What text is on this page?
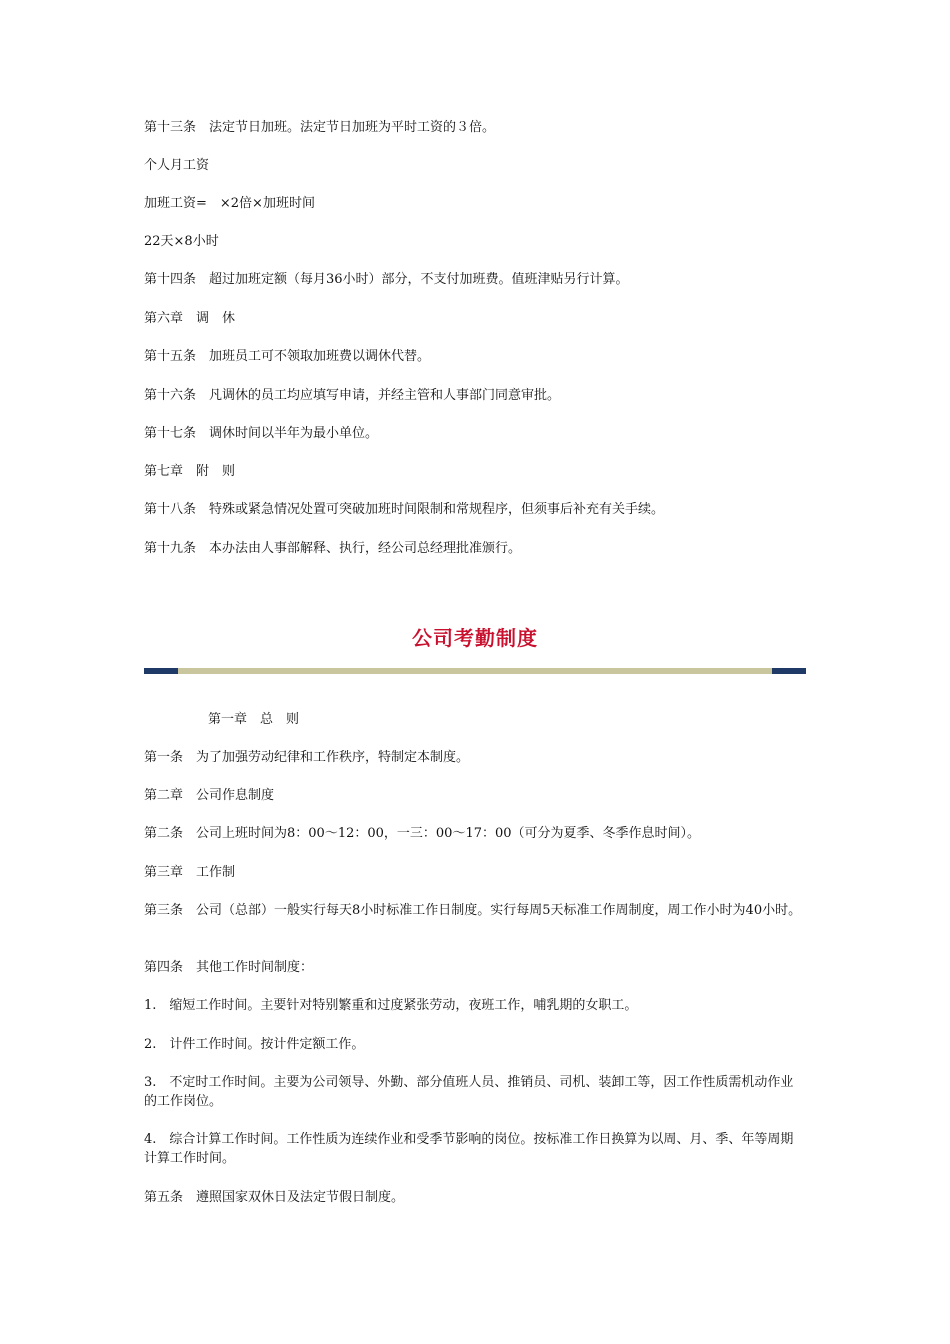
第十三条　法定节日加班。法定节日加班为平时工资的３倍。

个人月工资

加班工资=　×2倍×加班时间

22天×8小时

第十四条　超过加班定额（每月36小时）部分，不支付加班费。值班津贴另行计算。

第六章　调　休

第十五条　加班员工可不领取加班费以调休代替。

第十六条　凡调休的员工均应填写申请，并经主管和人事部门同意审批。

第十七条　调休时间以半年为最小单位。

第七章　附　则

第十八条　特殊或紧急情况处置可突破加班时间限制和常规程序，但须事后补充有关手续。

第十九条　本办法由人事部解释、执行，经公司总经理批准颁行。

公司考勤制度

第一章　总　则

第一条　为了加强劳动纪律和工作秩序，特制定本制度。

第二章　公司作息制度

第二条　公司上班时间为8：00～12：00，一三：00～17：00（可分为夏季、冬季作息时间）。

第三章　工作制

第三条　公司（总部）一般实行每天8小时标准工作日制度。实行每周5天标准工作周制度，周工作小时为40小时。

第四条　其他工作时间制度：

1.　缩短工作时间。主要针对特别繁重和过度紧张劳动，夜班工作，哺乳期的女职工。

2.　计件工作时间。按计件定额工作。

3.　不定时工作时间。主要为公司领导、外勤、部分值班人员、推销员、司机、装卸工等，因工作性质需机动作业的工作岗位。

4.　综合计算工作时间。工作性质为连续作业和受季节影响的岗位。按标准工作日换算为以周、月、季、年等周期计算工作时间。

第五条　遵照国家双休日及法定节假日制度。
